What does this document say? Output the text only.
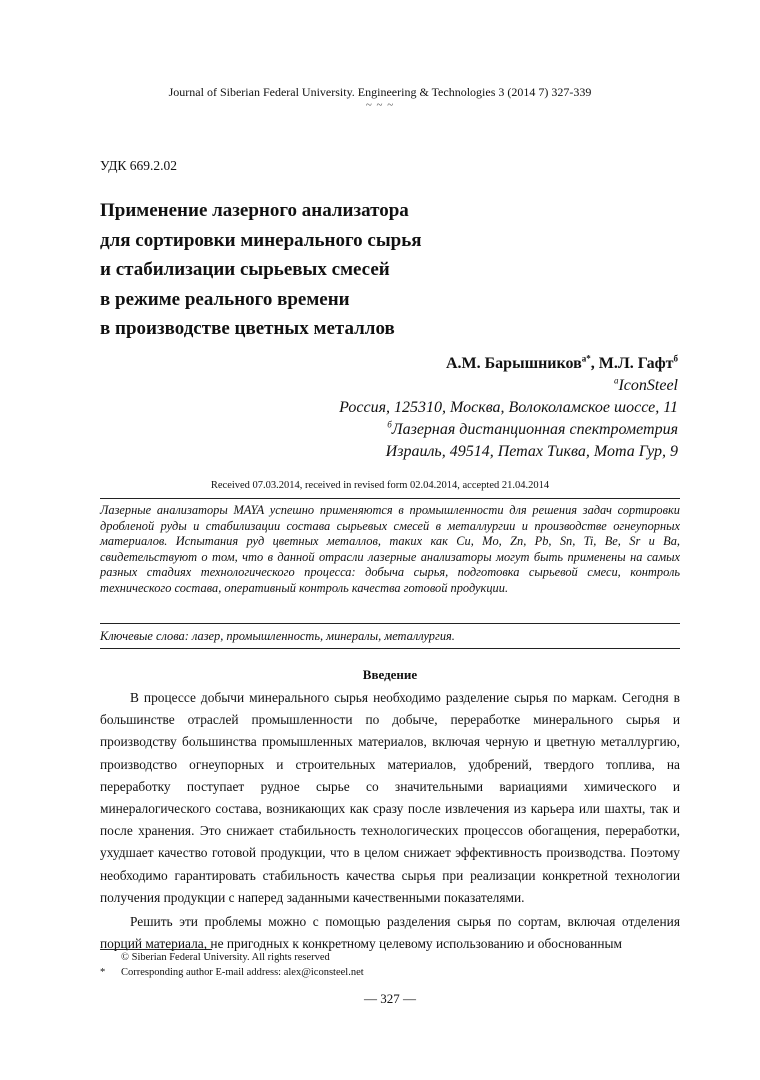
Journal of Siberian Federal University. Engineering & Technologies 3 (2014 7) 327-339
~ ~ ~
УДК 669.2.02
Применение лазерного анализатора
для сортировки минерального сырья
и стабилизации сырьевых смесей
в режиме реального времени
в производстве цветных металлов
А.М. Барышников$^{а*}$, М.Л. Гафт$^б$
$^a$IconSteel
Россия, 125310, Москва, Волоколамское шоссе, 11
$^б$Лазерная дистанционная спектрометрия
Израиль, 49514, Петах Тиква, Мота Гур, 9
Received 07.03.2014, received in revised form 02.04.2014, accepted 21.04.2014
Лазерные анализаторы MAYA успешно применяются в промышленности для решения задач сортировки дробленой руды и стабилизации состава сырьевых смесей в металлургии и производстве огнеупорных материалов. Испытания руд цветных металлов, таких как Cu, Mo, Zn, Pb, Sn, Ti, Be, Sr и Ba, свидетельствуют о том, что в данной отрасли лазерные анализаторы могут быть применены на самых разных стадиях технологического процесса: добыча сырья, подготовка сырьевой смеси, контроль технического состава, оперативный контроль качества готовой продукции.
Ключевые слова: лазер, промышленность, минералы, металлургия.
Введение

В процессе добычи минерального сырья необходимо разделение сырья по маркам. Сегодня в большинстве отраслей промышленности по добыче, переработке минерального сырья и производству большинства промышленных материалов, включая черную и цветную металлургию, производство огнеупорных и строительных материалов, удобрений, твердого топлива, на переработку поступает рудное сырье со значительными вариациями химического и минералогического состава, возникающих как сразу после извлечения из карьера или шахты, так и после хранения. Это снижает стабильность технологических процессов обогащения, переработки, ухудшает качество готовой продукции, что в целом снижает эффективность производства. Поэтому необходимо гарантировать стабильность качества сырья при реализации конкретной технологии получения продукции с наперед заданными качественными показателями.

Решить эти проблемы можно с помощью разделения сырья по сортам, включая отделения порций материала, не пригодных к конкретному целевому использованию и обоснованным

© Siberian Federal University. All rights reserved
* Corresponding author E-mail address: alex@iconsteel.net
— 327 —
